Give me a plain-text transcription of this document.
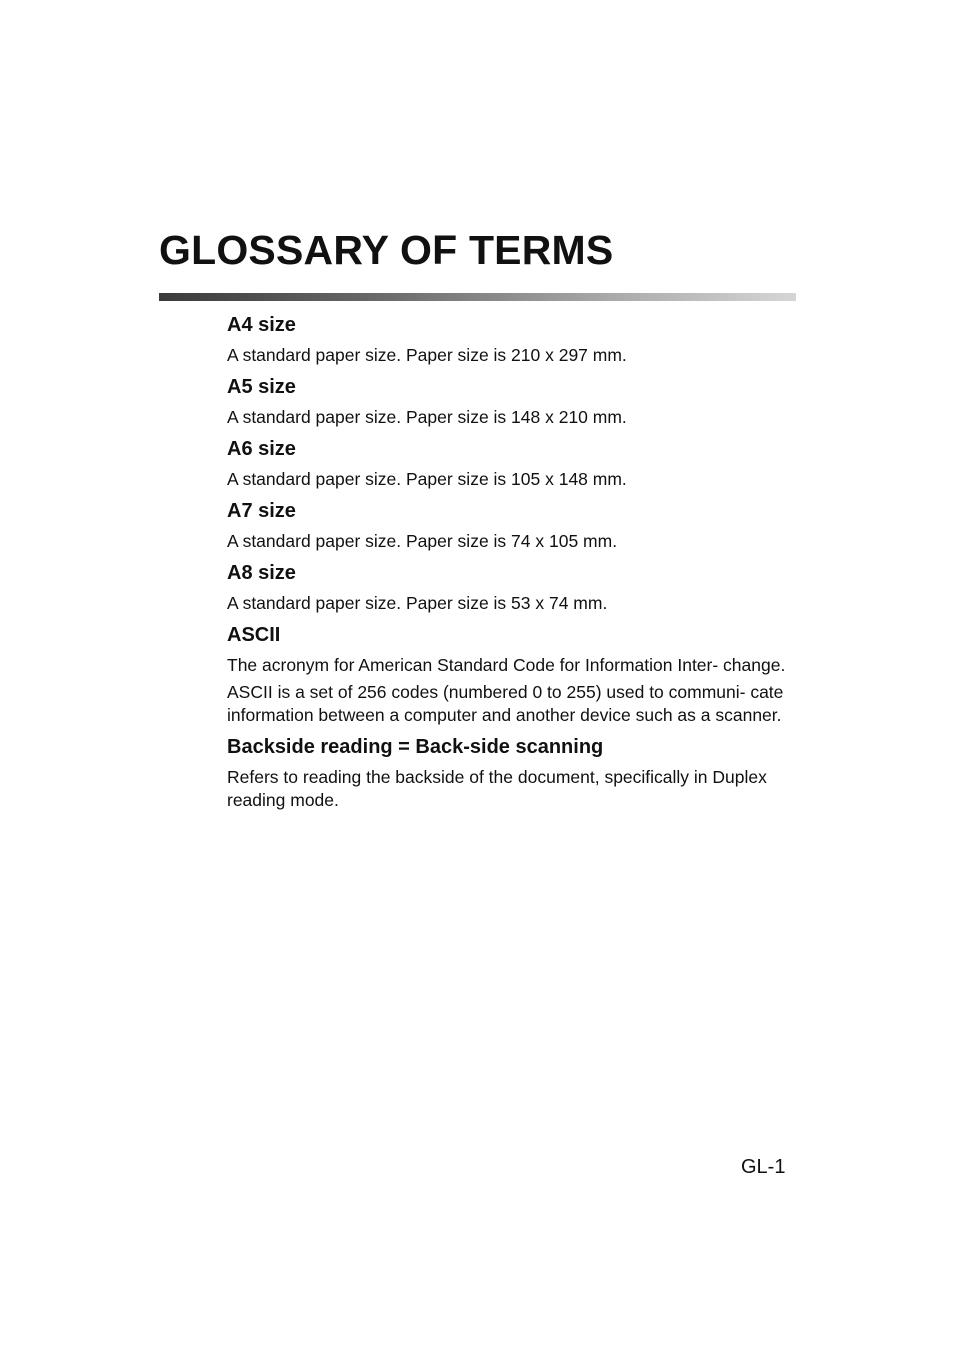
GLOSSARY OF TERMS
A4 size

A standard paper size. Paper size is 210 x 297 mm.

A5 size

A standard paper size. Paper size is 148 x 210 mm.

A6 size

A standard paper size. Paper size is 105 x 148 mm.

A7 size

A standard paper size. Paper size is 74 x 105 mm.

A8 size

A standard paper size. Paper size is 53 x 74 mm.

ASCII

The acronym for American Standard Code for Information Inter- change.

ASCII is a set of 256 codes (numbered 0 to 255) used to communi- cate information between a computer and another device such as a scanner.

Backside reading = Back-side scanning

Refers to reading the backside of the document, specifically in Duplex reading mode.

GL-1
